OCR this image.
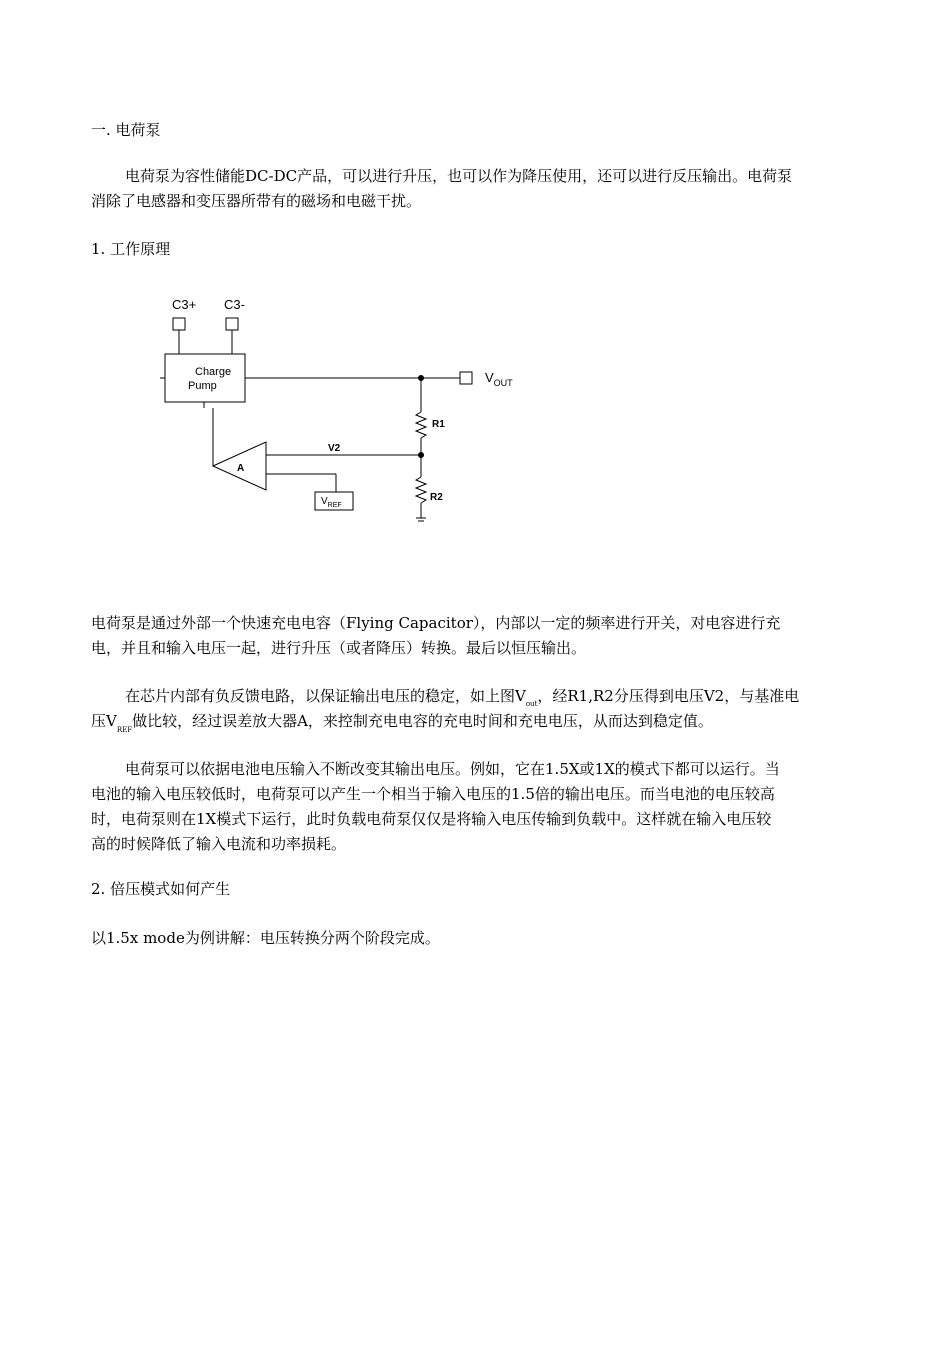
一. 电荷泵
电荷泵为容性储能DC-DC产品，可以进行升压，也可以作为降压使用，还可以进行反压输出。电荷泵
消除了电感器和变压器所带有的磁场和电磁干扰。
1. 工作原理
C3+ C3-
Charge
Pump
$V_{OUT}$
R1
V2
R2
A
$V_{REF}$
电荷泵是通过外部一个快速充电电容（Flying Capacitor），内部以一定的频率进行开关，对电容进行充
电，并且和输入电压一起，进行升压（或者降压）转换。最后以恒压输出。
在芯片内部有负反馈电路，以保证输出电压的稳定，如上图$V_{out}$，经R1,R2分压得到电压V2，与基准电
压$V_{REF}$做比较，经过误差放大器A，来控制充电电容的充电时间和充电电压，从而达到稳定值。
电荷泵可以依据电池电压输入不断改变其输出电压。例如，它在1.5X或1X的模式下都可以运行。当
电池的输入电压较低时，电荷泵可以产生一个相当于输入电压的1.5倍的输出电压。而当电池的电压较高
时，电荷泵则在1X模式下运行，此时负载电荷泵仅仅是将输入电压传输到负载中。这样就在输入电压较
高的时候降低了输入电流和功率损耗。
2. 倍压模式如何产生
以1.5x mode为例讲解：电压转换分两个阶段完成。
